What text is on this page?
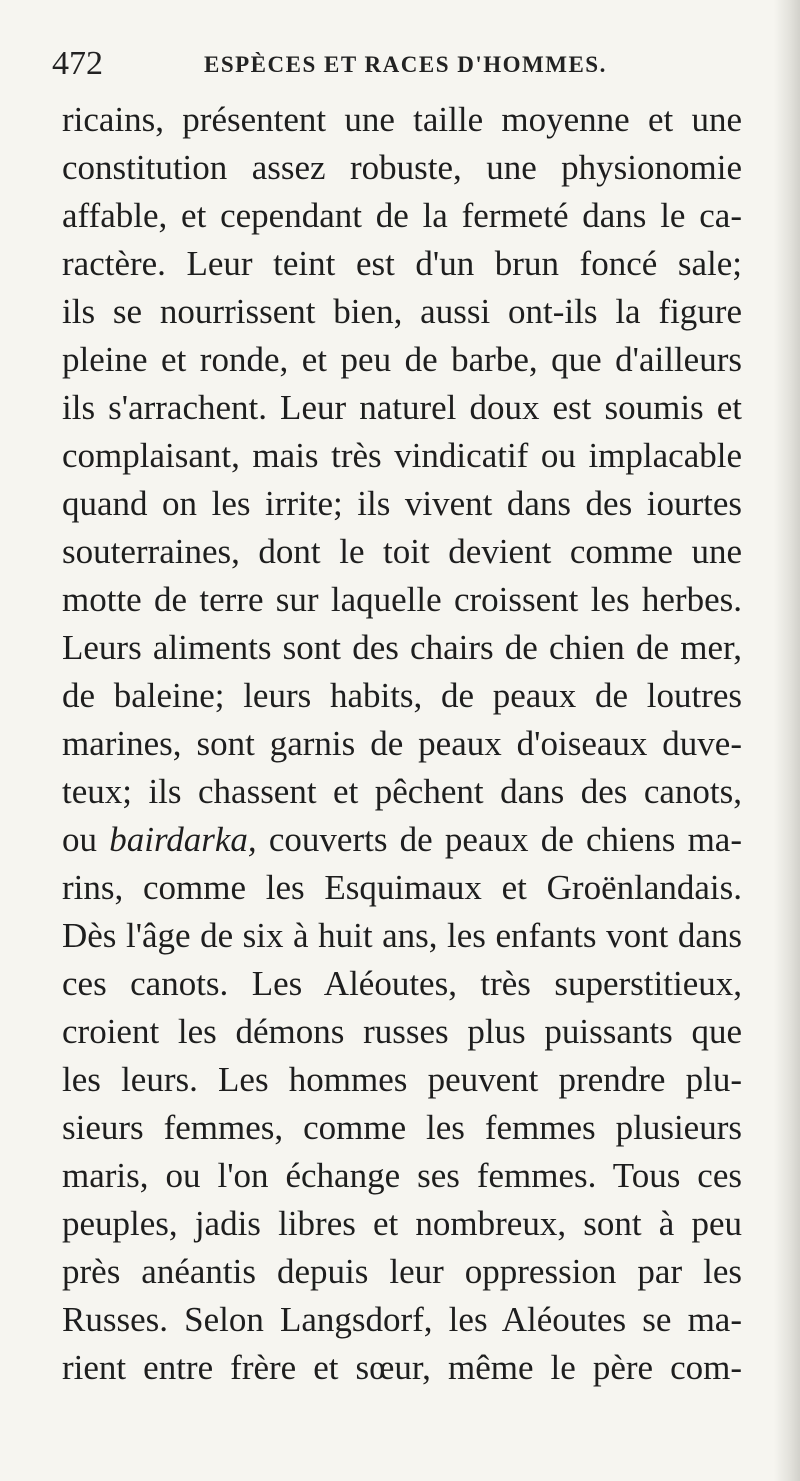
472	ESPÈCES ET RACES D'HOMMES.
ricains, présentent une taille moyenne et une
constitution assez robuste, une physionomie
affable, et cependant de la fermeté dans le ca-
ractère. Leur teint est d'un brun foncé sale;
ils se nourrissent bien, aussi ont-ils la figure
pleine et ronde, et peu de barbe, que d'ailleurs
ils s'arrachent. Leur naturel doux est soumis et
complaisant, mais très vindicatif ou implacable
quand on les irrite; ils vivent dans des iourtes
souterraines, dont le toit devient comme une
motte de terre sur laquelle croissent les herbes.
Leurs aliments sont des chairs de chien de mer,
de baleine; leurs habits, de peaux de loutres
marines, sont garnis de peaux d'oiseaux duve-
teux; ils chassent et pêchent dans des canots,
ou bairdarka, couverts de peaux de chiens ma-
rins, comme les Esquimaux et Groënlandais.
Dès l'âge de six à huit ans, les enfants vont dans
ces canots. Les Aléoutes, très superstitieux,
croient les démons russes plus puissants que
les leurs. Les hommes peuvent prendre plu-
sieurs femmes, comme les femmes plusieurs
maris, ou l'on échange ses femmes. Tous ces
peuples, jadis libres et nombreux, sont à peu
près anéantis depuis leur oppression par les
Russes. Selon Langsdorf, les Aléoutes se ma-
rient entre frère et sœur, même le père com-
